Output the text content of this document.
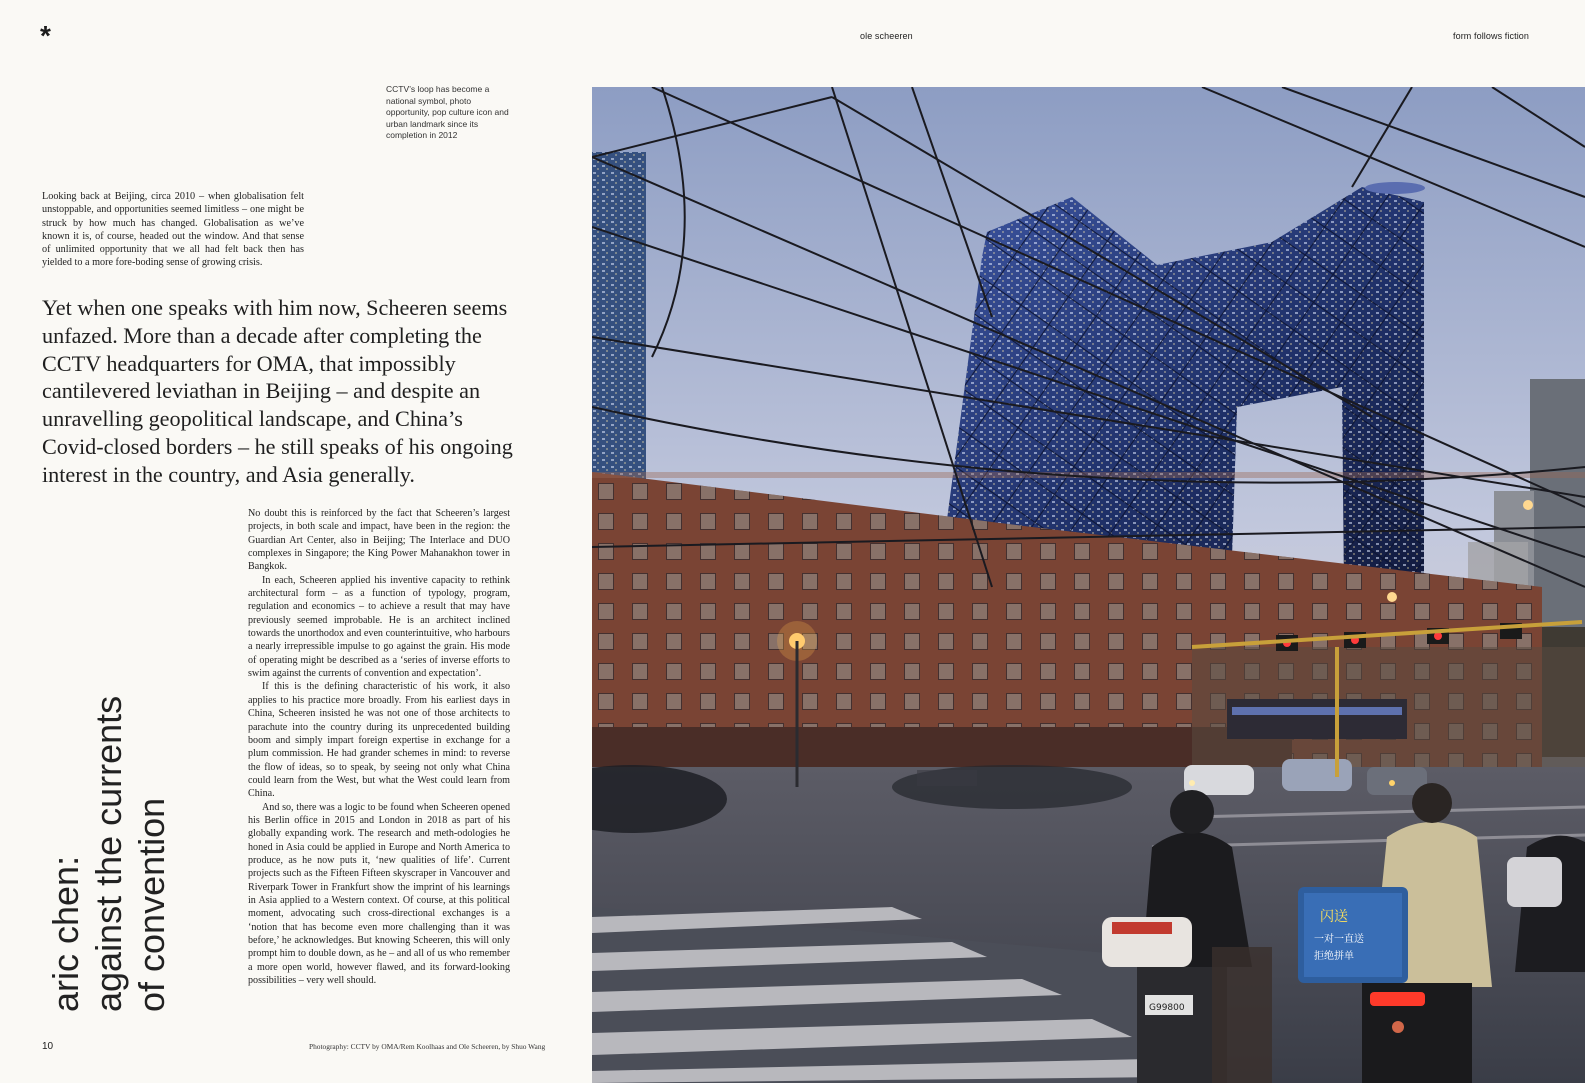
*	ole scheeren	form follows fiction
CCTV’s loop has become a national symbol, photo opportunity, pop culture icon and urban landmark since its completion in 2012

Looking back at Beijing, circa 2010 – when globalisation felt unstoppable, and opportunities seemed limitless – one might be struck by how much has changed. Globalisation as we’ve known it is, of course, headed out the window. And that sense of unlimited opportunity that we all had felt back then has yielded to a more fore-boding sense of growing crisis.

Yet when one speaks with him now, Scheeren seems unfazed. More than a decade after completing the CCTV headquarters for OMA, that impossibly cantilevered leviathan in Beijing – and despite an unravelling geopolitical landscape, and China’s Covid-closed borders – he still speaks of his ongoing interest in the country, and Asia generally.

No doubt this is reinforced by the fact that Scheeren’s largest projects, in both scale and impact, have been in the region: the Guardian Art Center, also in Beijing; The Interlace and DUO complexes in Singapore; the King Power Mahanakhon tower in Bangkok.

In each, Scheeren applied his inventive capacity to rethink architectural form – as a function of typology, program, regulation and economics – to achieve a result that may have previously seemed improbable. He is an architect inclined towards the unorthodox and even counterintuitive, who harbours a nearly irrepressible impulse to go against the grain. His mode of operating might be described as a ‘series of inverse efforts to swim against the currents of convention and expectation’.

If this is the defining characteristic of his work, it also applies to his practice more broadly. From his earliest days in China, Scheeren insisted he was not one of those architects to parachute into the country during its unprecedented building boom and simply impart foreign expertise in exchange for a plum commission. He had grander schemes in mind: to reverse the flow of ideas, so to speak, by seeing not only what China could learn from the West, but what the West could learn from China.

And so, there was a logic to be found when Scheeren opened his Berlin office in 2015 and London in 2018 as part of his globally expanding work. The research and meth-odologies he honed in Asia could be applied in Europe and North America to produce, as he now puts it, ‘new qualities of life’. Current projects such as the Fifteen Fifteen skyscraper in Vancouver and Riverpark Tower in Frankfurt show the imprint of his learnings in Asia applied to a Western context. Of course, at this political moment, advocating such cross-directional exchanges is a ‘notion that has become even more challenging than it was before,’ he acknowledges. But knowing Scheeren, this will only prompt him to double down, as he – and all of us who remember a more open world, however flawed, and its forward-looking possibilities – very well should.

aric chen: against the currents of convention
10	Photography: CCTV by OMA/Rem Koolhaas and Ole Scheeren, by Shuo Wang
G99800
闪送
一对一直送
拒绝拼单
